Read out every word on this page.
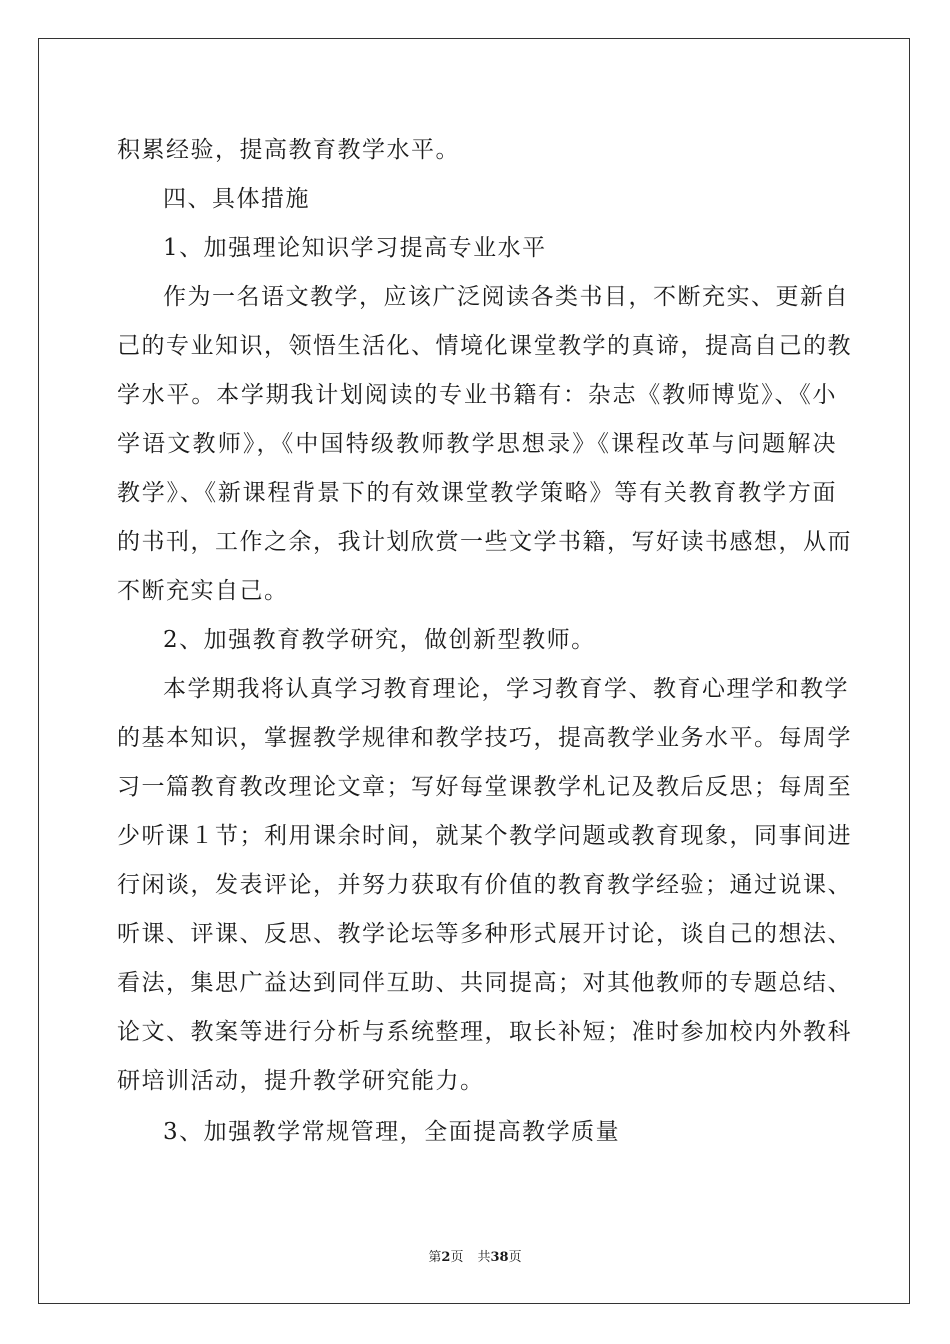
积累经验，提高教育教学水平。
四、具体措施
1、加强理论知识学习提高专业水平
作为一名语文教学，应该广泛阅读各类书目，不断充实、更新自
己的专业知识，领悟生活化、情境化课堂教学的真谛，提高自己的教
学水平。本学期我计划阅读的专业书籍有：杂志《教师博览》、《小
学语文教师》，《中国特级教师教学思想录》《课程改革与问题解决
教学》、《新课程背景下的有效课堂教学策略》等有关教育教学方面
的书刊，工作之余，我计划欣赏一些文学书籍，写好读书感想，从而
不断充实自己。
2、加强教育教学研究，做创新型教师。
本学期我将认真学习教育理论，学习教育学、教育心理学和教学
的基本知识，掌握教学规律和教学技巧，提高教学业务水平。每周学
习一篇教育教改理论文章；写好每堂课教学札记及教后反思；每周至
少听课１节；利用课余时间，就某个教学问题或教育现象，同事间进
行闲谈，发表评论，并努力获取有价值的教育教学经验；通过说课、
听课、评课、反思、教学论坛等多种形式展开讨论，谈自己的想法、
看法，集思广益达到同伴互助、共同提高；对其他教师的专题总结、
论文、教案等进行分析与系统整理，取长补短；准时参加校内外教科
研培训活动，提升教学研究能力。
3、加强教学常规管理，全面提高教学质量
第2页 共38页
